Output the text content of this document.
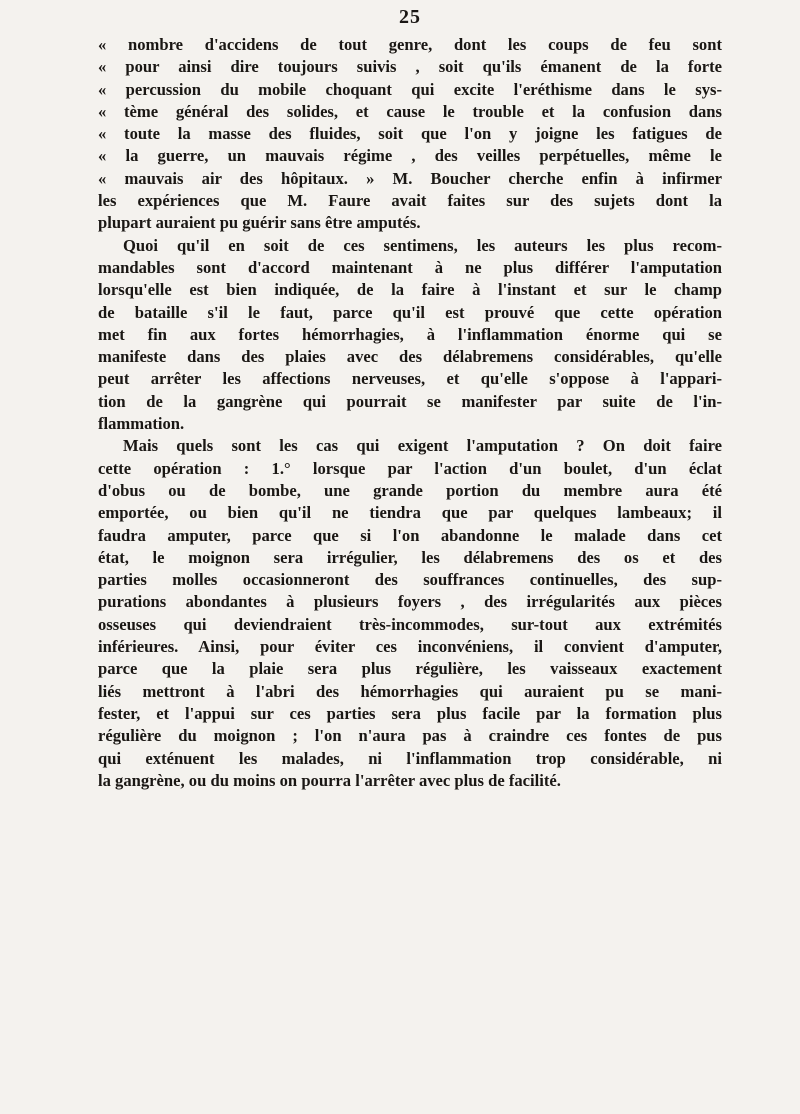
25
« nombre d'accidens de tout genre, dont les coups de feu sont
« pour ainsi dire toujours suivis , soit qu'ils émanent de la forte
« percussion du mobile choquant qui excite l'eréthisme dans le sys-
« tème général des solides, et cause le trouble et la confusion dans
« toute la masse des fluides, soit que l'on y joigne les fatigues de
« la guerre, un mauvais régime , des veilles perpétuelles, même le
« mauvais air des hôpitaux. » M. Boucher cherche enfin à infirmer
les expériences que M. Faure avait faites sur des sujets dont la
plupart auraient pu guérir sans être amputés.
Quoi qu'il en soit de ces sentimens, les auteurs les plus recom-
mandables sont d'accord maintenant à ne plus différer l'amputation
lorsqu'elle est bien indiquée, de la faire à l'instant et sur le champ
de bataille s'il le faut, parce qu'il est prouvé que cette opération
met fin aux fortes hémorrhagies, à l'inflammation énorme qui se
manifeste dans des plaies avec des délabremens considérables, qu'elle
peut arrêter les affections nerveuses, et qu'elle s'oppose à l'appari-
tion de la gangrène qui pourrait se manifester par suite de l'in-
flammation.
Mais quels sont les cas qui exigent l'amputation ? On doit faire
cette opération : 1.° lorsque par l'action d'un boulet, d'un éclat
d'obus ou de bombe, une grande portion du membre aura été
emportée, ou bien qu'il ne tiendra que par quelques lambeaux; il
faudra amputer, parce que si l'on abandonne le malade dans cet
état, le moignon sera irrégulier, les délabremens des os et des
parties molles occasionneront des souffrances continuelles, des sup-
purations abondantes à plusieurs foyers , des irrégularités aux pièces
osseuses qui deviendraient très-incommodes, sur-tout aux extrémités
inférieures. Ainsi, pour éviter ces inconvéniens, il convient d'amputer,
parce que la plaie sera plus régulière, les vaisseaux exactement
liés mettront à l'abri des hémorrhagies qui auraient pu se mani-
fester, et l'appui sur ces parties sera plus facile par la formation plus
régulière du moignon ; l'on n'aura pas à craindre ces fontes de pus
qui exténuent les malades, ni l'inflammation trop considérable, ni
la gangrène, ou du moins on pourra l'arrêter avec plus de facilité.
